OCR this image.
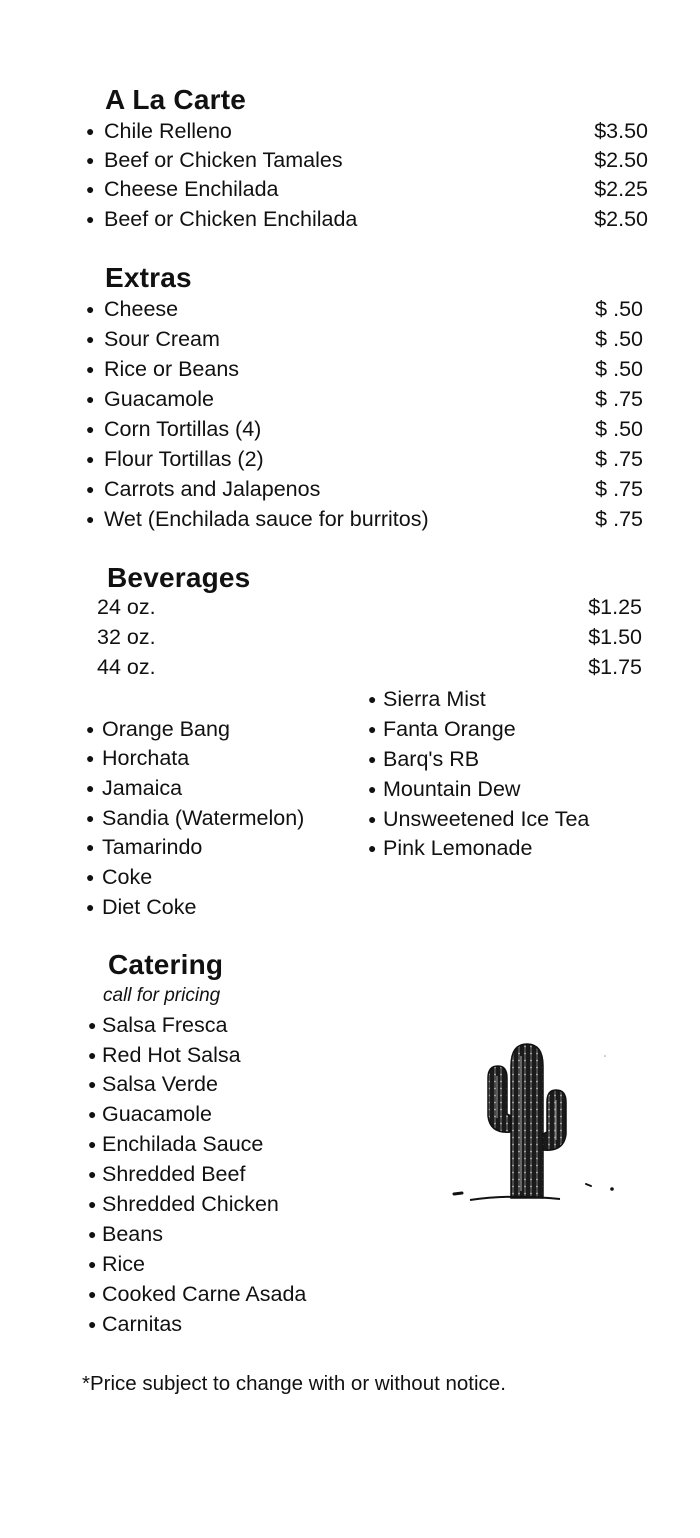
A La Carte
● Chile Relleno	$3.50
● Beef or Chicken Tamales	$2.50
● Cheese Enchilada	$2.25
● Beef or Chicken Enchilada	$2.50
Extras
● Cheese	$ .50
● Sour Cream	$ .50
● Rice or Beans	$ .50
● Guacamole	$ .75
● Corn Tortillas (4)	$ .50
● Flour Tortillas (2)	$ .75
● Carrots and Jalapenos	$ .75
● Wet (Enchilada sauce for burritos)	$ .75
Beverages
24 oz.	$1.25
32 oz.	$1.50
44 oz.	$1.75
● Sierra Mist
● Fanta Orange
● Barq's RB
● Mountain Dew
● Unsweetened Ice Tea
● Pink Lemonade
● Orange Bang
● Horchata
● Jamaica
● Sandia (Watermelon)
● Tamarindo
● Coke
● Diet Coke
Catering
call for pricing
● Salsa Fresca
● Red Hot Salsa
● Salsa Verde
● Guacamole
● Enchilada Sauce
● Shredded Beef
● Shredded Chicken
● Beans
● Rice
● Cooked Carne Asada
● Carnitas
*Price subject to change with or without notice.
